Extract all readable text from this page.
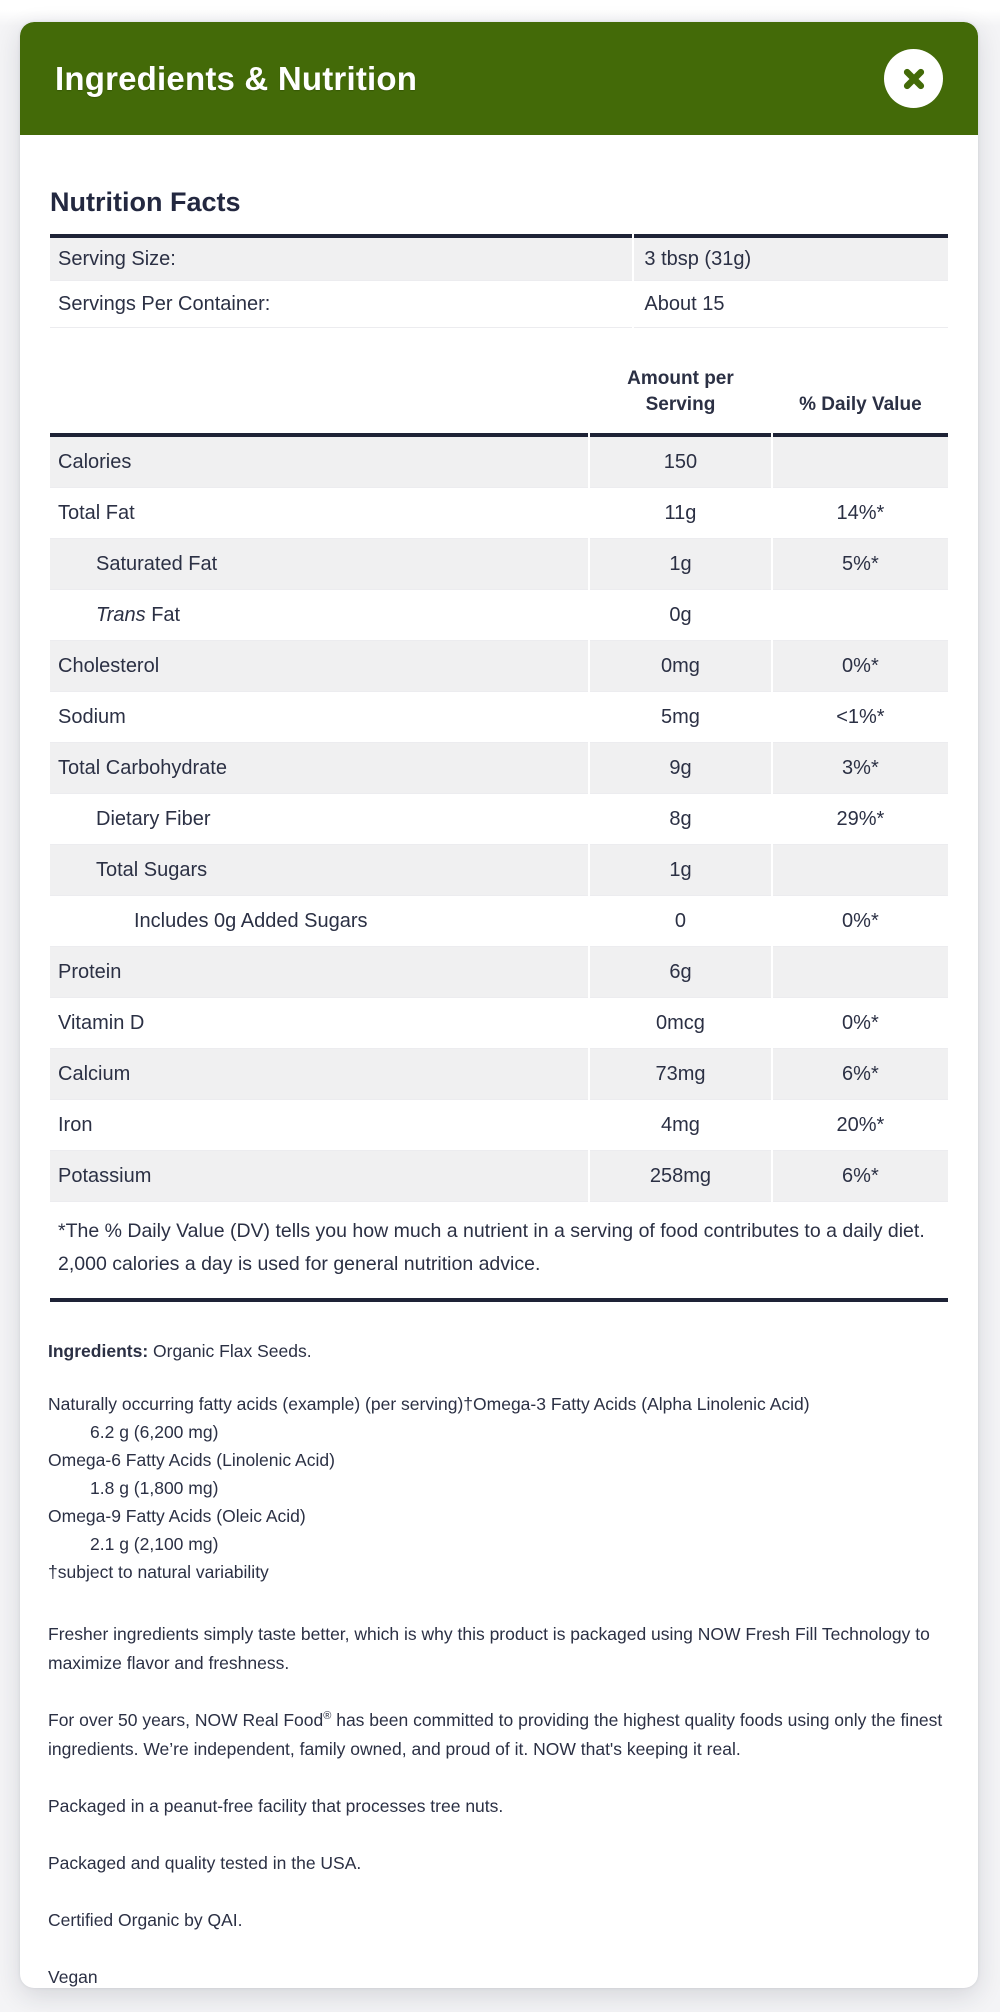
Ingredients & Nutrition
Nutrition Facts
Serving Size:	3 tbsp (31g)
Servings Per Container:	About 15
	Amount per Serving	% Daily Value
Calories	150	
Total Fat	11g	14%*
Saturated Fat	1g	5%*
Trans Fat	0g	
Cholesterol	0mg	0%*
Sodium	5mg	<1%*
Total Carbohydrate	9g	3%*
Dietary Fiber	8g	29%*
Total Sugars	1g	
Includes 0g Added Sugars	0	0%*
Protein	6g	
Vitamin D	0mcg	0%*
Calcium	73mg	6%*
Iron	4mg	20%*
Potassium	258mg	6%*
*The % Daily Value (DV) tells you how much a nutrient in a serving of food contributes to a daily diet. 2,000 calories a day is used for general nutrition advice.		

Ingredients: Organic Flax Seeds.

Naturally occurring fatty acids (example) (per serving)†Omega-3 Fatty Acids (Alpha Linolenic Acid)
6.2 g (6,200 mg)
Omega-6 Fatty Acids (Linolenic Acid)
1.8 g (1,800 mg)
Omega-9 Fatty Acids (Oleic Acid)
2.1 g (2,100 mg)
†subject to natural variability

Fresher ingredients simply taste better, which is why this product is packaged using NOW Fresh Fill Technology to maximize flavor and freshness.

For over 50 years, NOW Real Food® has been committed to providing the highest quality foods using only the finest ingredients. We’re independent, family owned, and proud of it. NOW that's keeping it real.

Packaged in a peanut-free facility that processes tree nuts.

Packaged and quality tested in the USA.

Certified Organic by QAI.

Vegan
